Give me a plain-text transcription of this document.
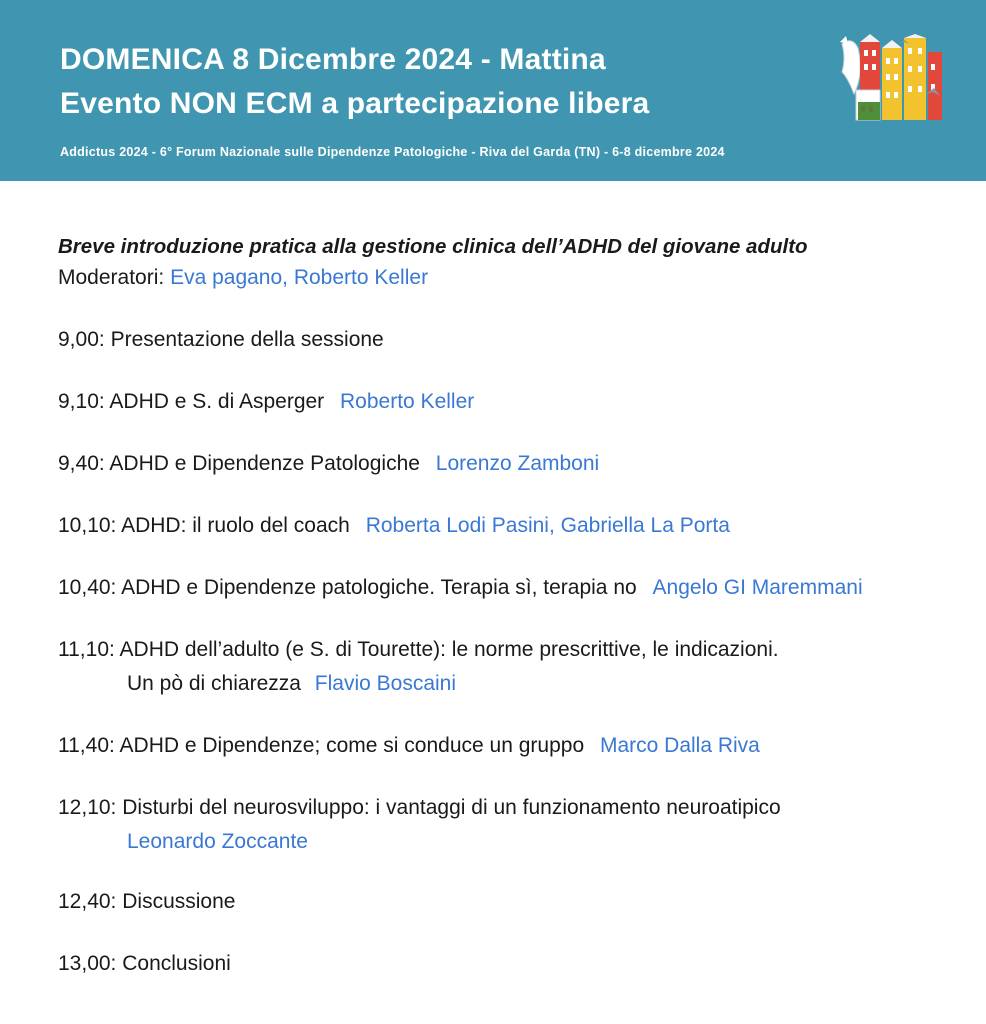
DOMENICA 8 Dicembre 2024 - Mattina
Evento NON ECM a partecipazione libera
Addictus 2024 - 6° Forum Nazionale sulle Dipendenze Patologiche - Riva del Garda (TN) - 6-8 dicembre 2024
Breve introduzione pratica alla gestione clinica dell’ADHD del giovane adulto
Moderatori: Eva pagano, Roberto Keller
9,00: Presentazione della sessione
9,10: ADHD e S. di Asperger Roberto Keller
9,40: ADHD e Dipendenze Patologiche Lorenzo Zamboni
10,10: ADHD: il ruolo del coach Roberta Lodi Pasini, Gabriella La Porta
10,40: ADHD e Dipendenze patologiche. Terapia sì, terapia no Angelo GI Maremmani
11,10: ADHD dell’adulto (e S. di Tourette): le norme prescrittive, le indicazioni.
Un pò di chiarezza Flavio Boscaini
11,40: ADHD e Dipendenze; come si conduce un gruppo Marco Dalla Riva
12,10: Disturbi del neurosviluppo: i vantaggi di un funzionamento neuroatipico
Leonardo Zoccante
12,40: Discussione
13,00: Conclusioni
